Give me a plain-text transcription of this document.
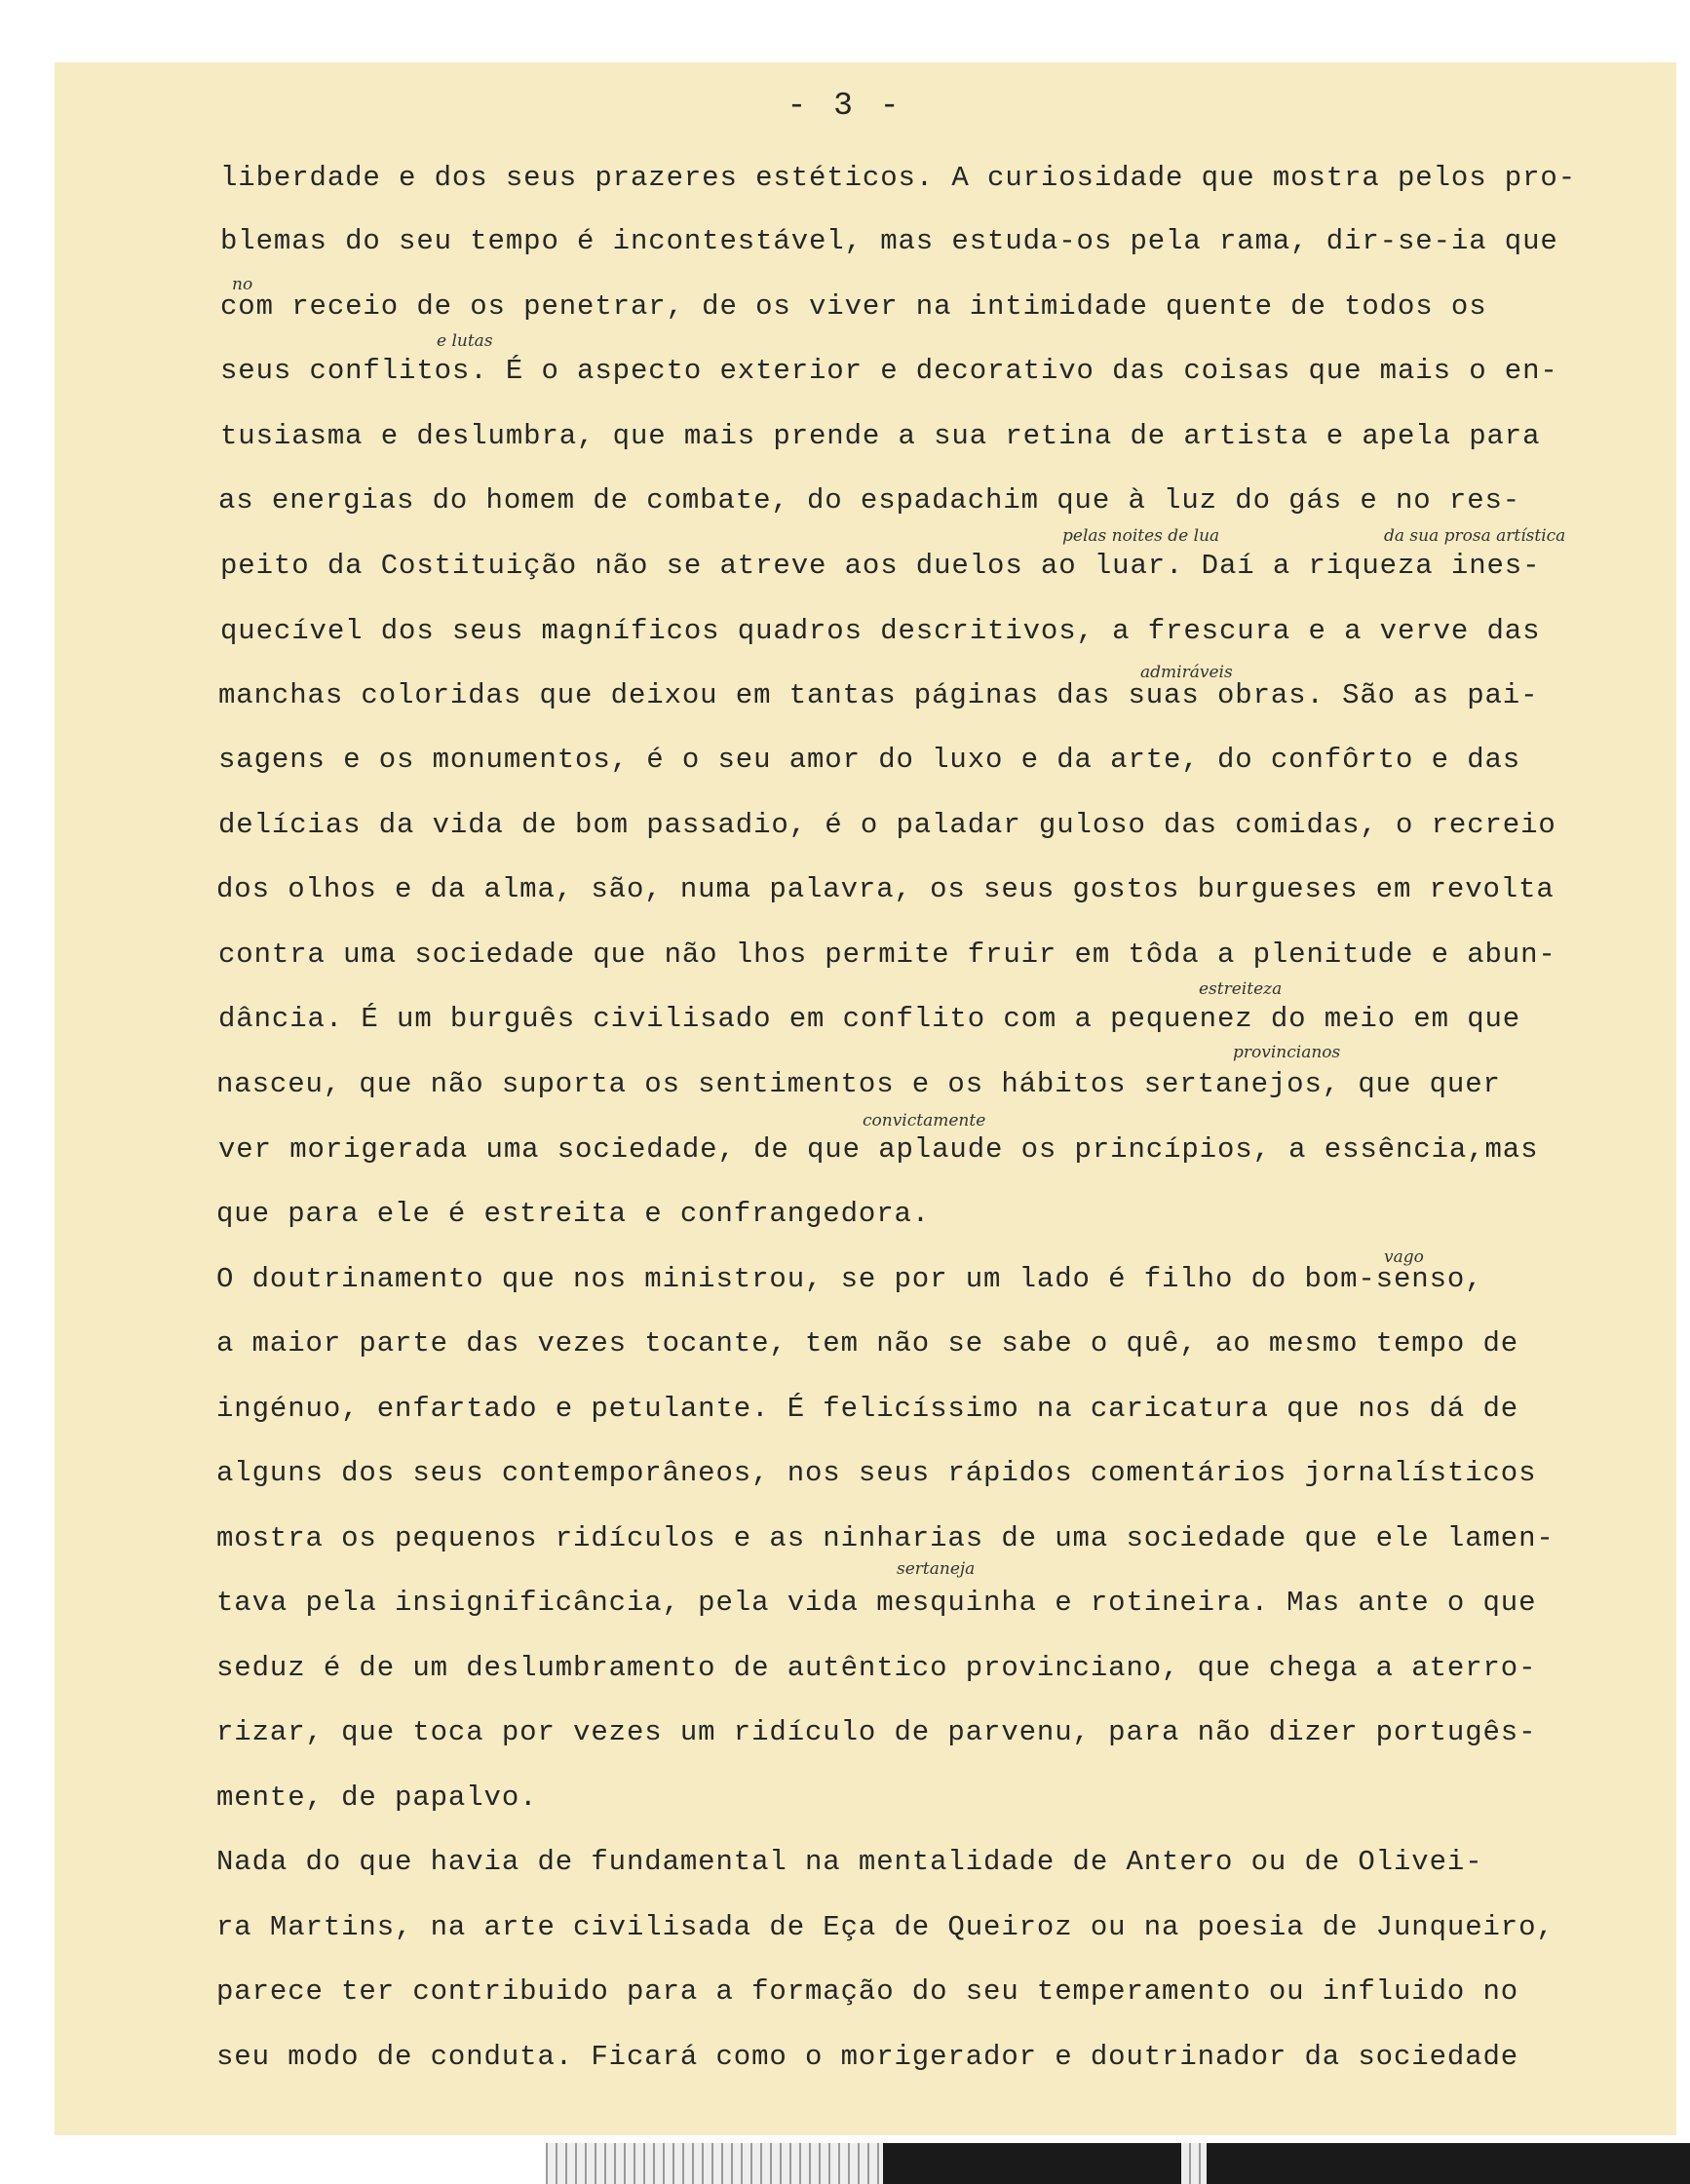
- 3 -
liberdade e dos seus prazeres estéticos. A curiosidade que mostra pelos pro-
blemas do seu tempo é incontestável, mas estuda-os pela rama, dir-se-ia que
com receio de os penetrar, de os viver na intimidade quente de todos os
seus conflitos. É o aspecto exterior e decorativo das coisas que mais o en-
tusiasma e deslumbra, que mais prende a sua retina de artista e apela para
as energias do homem de combate, do espadachim que à luz do gás e no res-
peito da Costituição não se atreve aos duelos ao luar. Daí a riqueza ines-
quecível dos seus magníficos quadros descritivos, a frescura e a verve das
manchas coloridas que deixou em tantas páginas das suas obras. São as pai-
sagens e os monumentos, é o seu amor do luxo e da arte, do confôrto e das
delícias da vida de bom passadio, é o paladar guloso das comidas, o recreio
dos olhos e da alma, são, numa palavra, os seus gostos burgueses em revolta
contra uma sociedade que não lhos permite fruir em tôda a plenitude e abun-
dância. É um burguês civilisado em conflito com a pequenez do meio em que
nasceu, que não suporta os sentimentos e os hábitos sertanejos, que quer
ver morigerada uma sociedade, de que aplaude os princípios, a essência,mas
que para ele é estreita e confrangedora.
O doutrinamento que nos ministrou, se por um lado é filho do bom-senso,
a maior parte das vezes tocante, tem não se sabe o quê, ao mesmo tempo de
ingénuo, enfartado e petulante. É felicíssimo na caricatura que nos dá de
alguns dos seus contemporâneos, nos seus rápidos comentários jornalísticos
mostra os pequenos ridículos e as ninharias de uma sociedade que ele lamen-
tava pela insignificância, pela vida mesquinha e rotineira. Mas ante o que
seduz é de um deslumbramento de autêntico provinciano, que chega a aterro-
rizar, que toca por vezes um ridículo de parvenu, para não dizer portugês-
mente, de papalvo.
Nada do que havia de fundamental na mentalidade de Antero ou de Olivei-
ra Martins, na arte civilisada de Eça de Queiroz ou na poesia de Junqueiro,
parece ter contribuido para a formação do seu temperamento ou influido no
seu modo de conduta. Ficará como o morigerador e doutrinador da sociedade
no
e lutas
pelas noites de lua	da sua prosa artística
admiráveis
estreiteza
provincianos
convictamente
vago
sertaneja
